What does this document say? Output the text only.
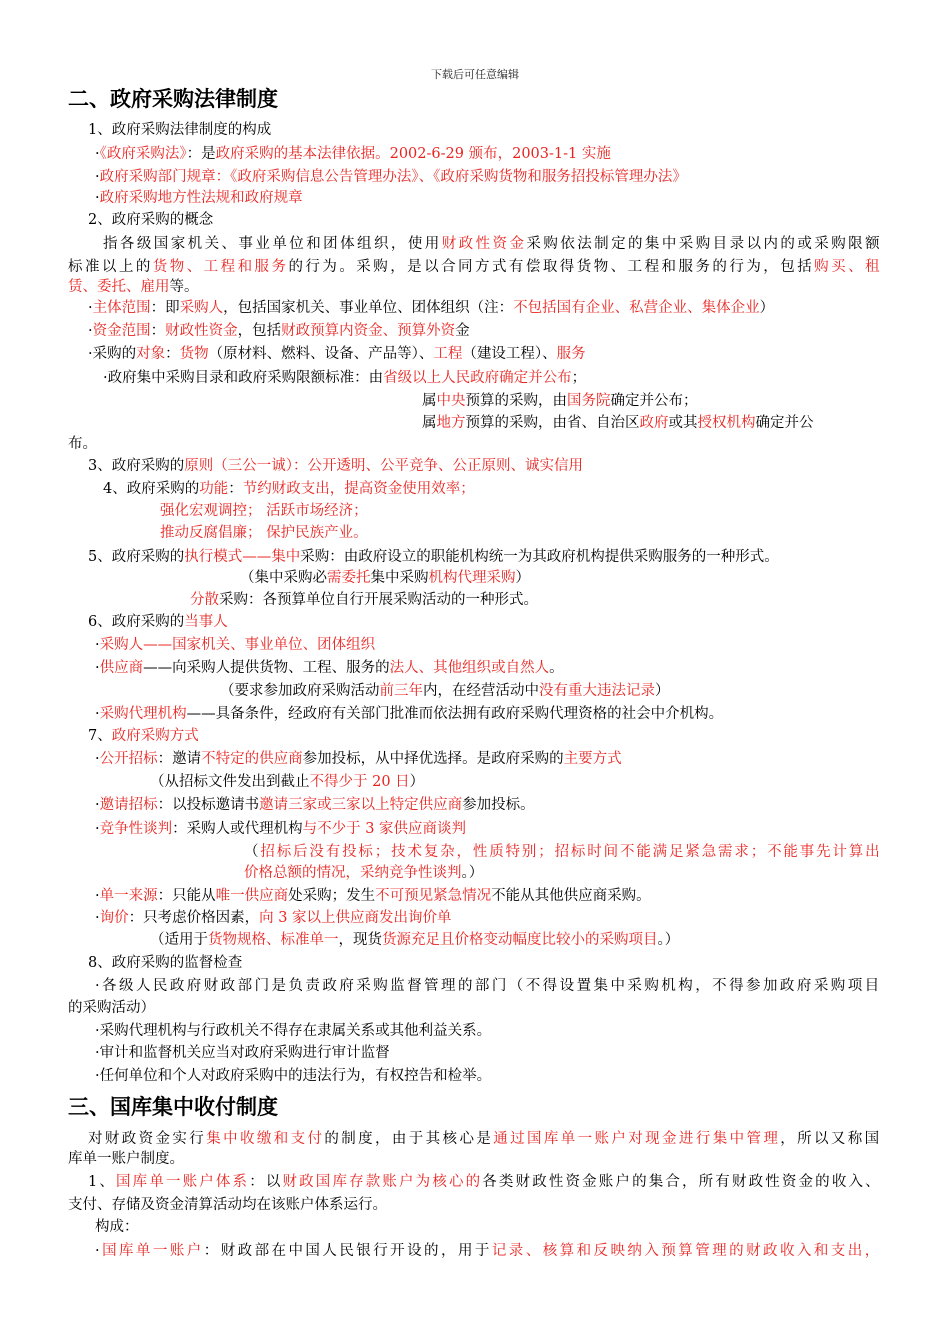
下载后可任意编辑
二、政府采购法律制度
三、国库集中收付制度
1、政府采购法律制度的构成
·《政府采购法》：是政府采购的基本法律依据。2002-6-29 颁布，2003-1-1 实施
·政府采购部门规章：《政府采购信息公告管理办法》、《政府采购货物和服务招投标管理办法》
·政府采购地方性法规和政府规章
2、政府采购的概念
指各级国家机关、事业单位和团体组织，使用财政性资金采购依法制定的集中采购目录以内的或采购限额
标准以上的货物、工程和服务的行为。采购，是以合同方式有偿取得货物、工程和服务的行为，包括购买、租
赁、委托、雇用等。
·主体范围：即采购人，包括国家机关、事业单位、团体组织（注：不包括国有企业、私营企业、集体企业）
·资金范围：财政性资金，包括财政预算内资金、预算外资金
·采购的对象：货物（原材料、燃料、设备、产品等）、工程（建设工程）、服务
·政府集中采购目录和政府采购限额标准：由省级以上人民政府确定并公布；
属中央预算的采购，由国务院确定并公布；
属地方预算的采购，由省、自治区政府或其授权机构确定并公
布。
3、政府采购的原则（三公一诚）：公开透明、公平竞争、公正原则、诚实信用
4、政府采购的功能：节约财政支出，提高资金使用效率；
强化宏观调控； 活跃市场经济；
推动反腐倡廉； 保护民族产业。
5、政府采购的执行模式——集中采购：由政府设立的职能机构统一为其政府机构提供采购服务的一种形式。
（集中采购必需委托集中采购机构代理采购）
分散采购：各预算单位自行开展采购活动的一种形式。
6、政府采购的当事人
·采购人——国家机关、事业单位、团体组织
·供应商——向采购人提供货物、工程、服务的法人、其他组织或自然人。
（要求参加政府采购活动前三年内，在经营活动中没有重大违法记录）
·采购代理机构——具备条件，经政府有关部门批准而依法拥有政府采购代理资格的社会中介机构。
7、政府采购方式
·公开招标：邀请不特定的供应商参加投标，从中择优选择。是政府采购的主要方式
（从招标文件发出到截止不得少于 20 日）
·邀请招标：以投标邀请书邀请三家或三家以上特定供应商参加投标。
·竞争性谈判：采购人或代理机构与不少于 3 家供应商谈判
（招标后没有投标；技术复杂，性质特别；招标时间不能满足紧急需求；不能事先计算出
价格总额的情况，采纳竞争性谈判。）
·单一来源：只能从唯一供应商处采购；发生不可预见紧急情况不能从其他供应商采购。
·询价：只考虑价格因素，向 3 家以上供应商发出询价单
（适用于货物规格、标准单一，现货货源充足且价格变动幅度比较小的采购项目。）
8、政府采购的监督检查
·各级人民政府财政部门是负责政府采购监督管理的部门（不得设置集中采购机构，不得参加政府采购项目
的采购活动）
·采购代理机构与行政机关不得存在隶属关系或其他利益关系。
·审计和监督机关应当对政府采购进行审计监督
·任何单位和个人对政府采购中的违法行为，有权控告和检举。
对财政资金实行集中收缴和支付的制度，由于其核心是通过国库单一账户对现金进行集中管理，所以又称国
库单一账户制度。
1、国库单一账户体系：以财政国库存款账户为核心的各类财政性资金账户的集合，所有财政性资金的收入、
支付、存储及资金清算活动均在该账户体系运行。
构成：
·国库单一账户：财政部在中国人民银行开设的，用于记录、核算和反映纳入预算管理的财政收入和支出，
